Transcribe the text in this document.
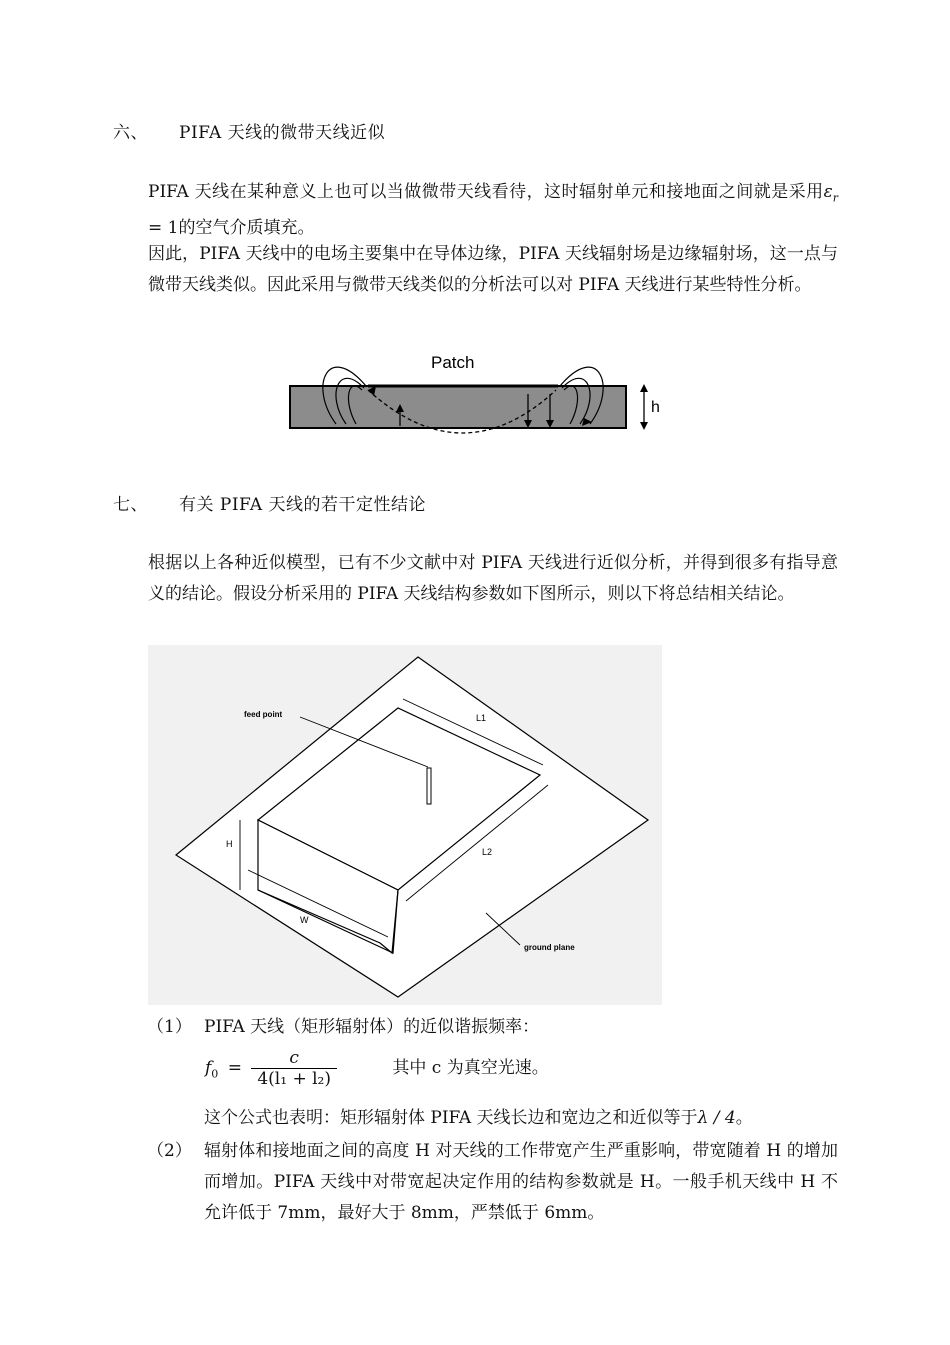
六、 PIFA 天线的微带天线近似
PIFA 天线在某种意义上也可以当做微带天线看待，这时辐射单元和接地面之间就是采用$\varepsilon_r = 1$的空气介质填充。
因此，PIFA 天线中的电场主要集中在导体边缘，PIFA 天线辐射场是边缘辐射场，这一点与微带天线类似。因此采用与微带天线类似的分析法可以对 PIFA 天线进行某些特性分析。
Patch
h
七、 有关 PIFA 天线的若干定性结论
根据以上各种近似模型，已有不少文献中对 PIFA 天线进行近似分析，并得到很多有指导意义的结论。假设分析采用的 PIFA 天线结构参数如下图所示，则以下将总结相关结论。
L1
L2
W
H
feed point
ground plane
（1） PIFA 天线（矩形辐射体）的近似谐振频率：
$f_0 = \frac{c}{\text{4(l₁ + l₂)}}$	其中 c 为真空光速。
这个公式也表明：矩形辐射体 PIFA 天线长边和宽边之和近似等于λ / 4。
（2） 辐射体和接地面之间的高度 H 对天线的工作带宽产生严重影响，带宽随着 H 的增加而增加。PIFA 天线中对带宽起决定作用的结构参数就是 H。一般手机天线中 H 不允许低于 7mm，最好大于 8mm，严禁低于 6mm。
